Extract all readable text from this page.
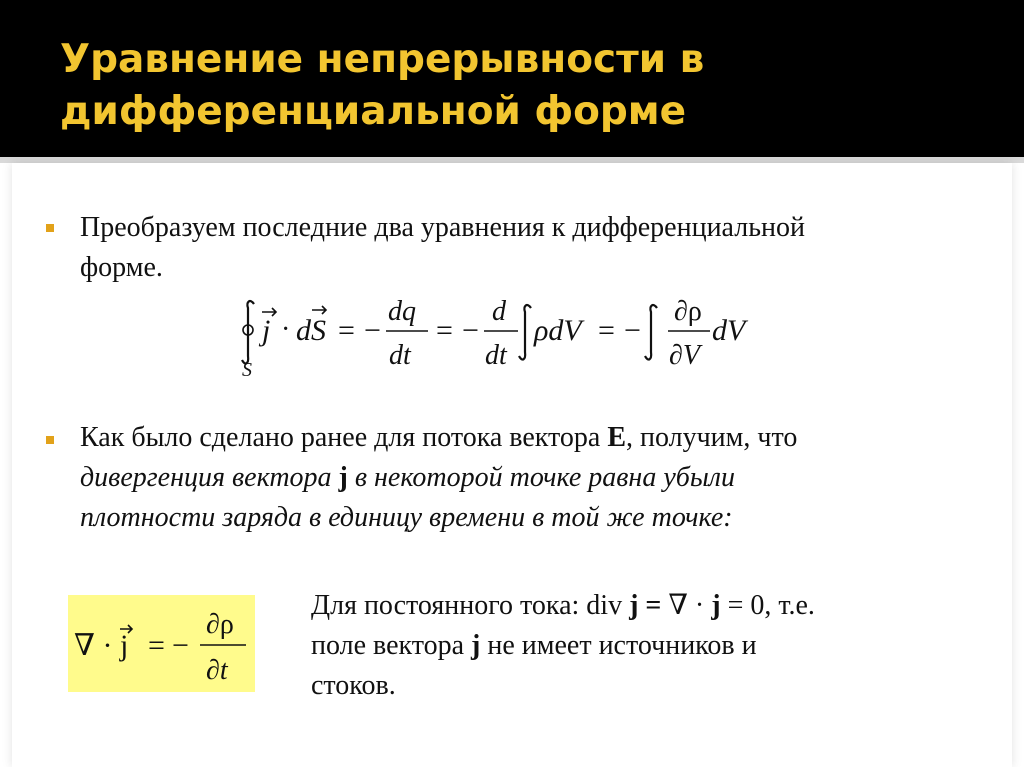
Уравнение непрерывности в
дифференциальной форме

Преобразуем последние два уравнения к дифференциальной
форме.

S
j · dS = −
dq
dt
= −
d
dt
ρdV = −
∂ρ
∂V
dV

Как было сделано ранее для потока вектора E, получим, что
дивергенция вектора j в некоторой точке равна убыли
плотности заряда в единицу времени в той же точке:

∇ · j = −
∂ρ
∂t

Для постоянного тока: div j = ∇ · j = 0, т.е.
поле вектора j не имеет источников и
стоков.
